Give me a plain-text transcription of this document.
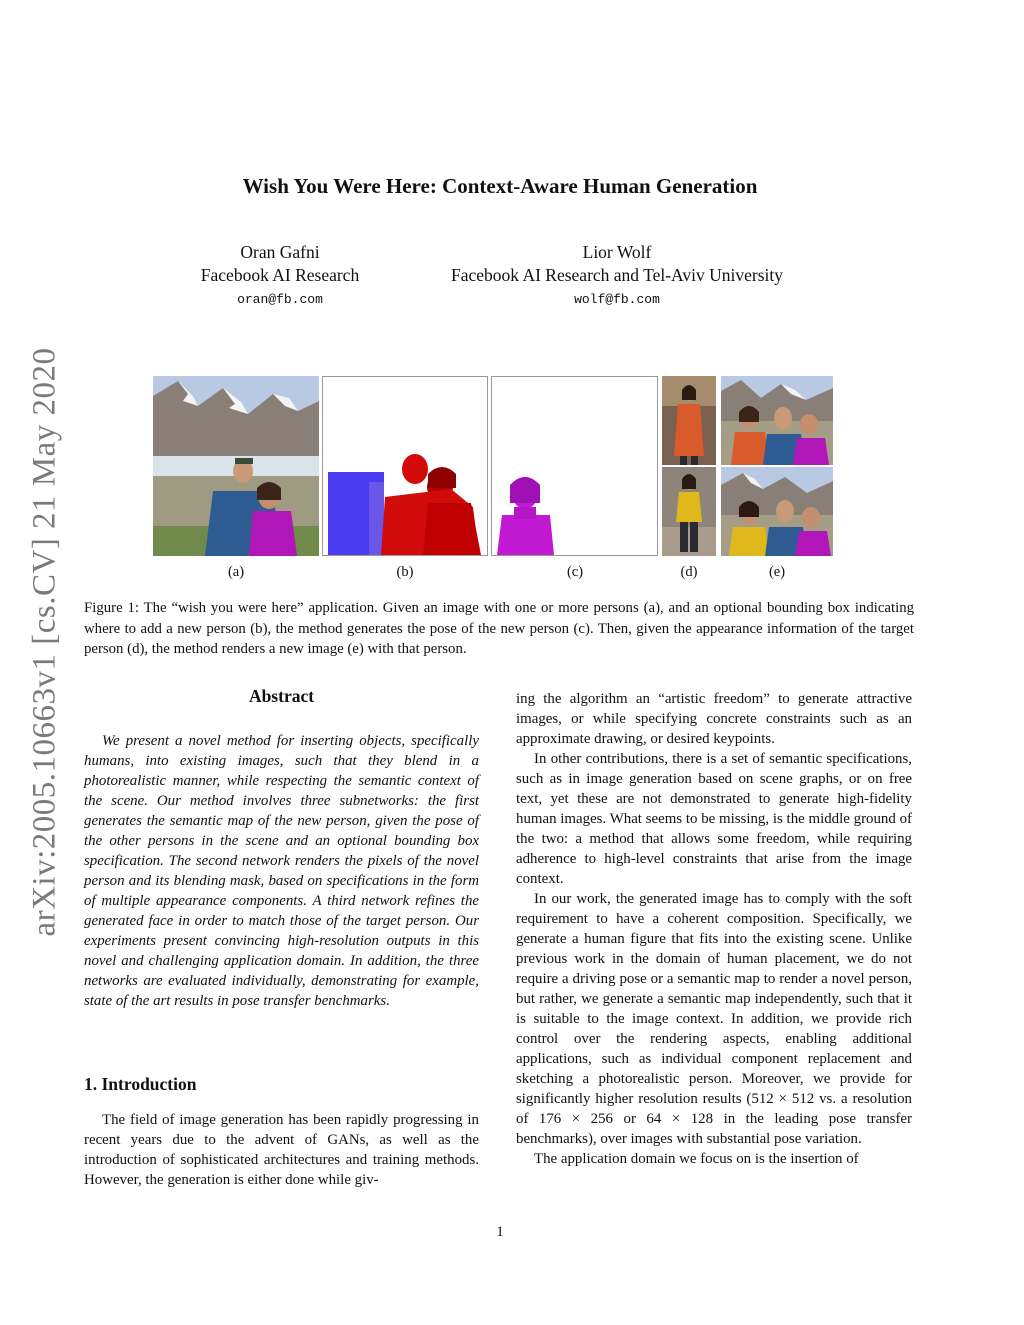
arXiv:2005.10663v1 [cs.CV] 21 May 2020
Wish You Were Here: Context-Aware Human Generation
Oran Gafni
Facebook AI Research
oran@fb.com
Lior Wolf
Facebook AI Research and Tel-Aviv University
wolf@fb.com
(a)	(b)	(c)	(d)	(e)
Figure 1: The “wish you were here” application. Given an image with one or more persons (a), and an optional bounding box indicating where to add a new person (b), the method generates the pose of the new person (c). Then, given the appearance information of the target person (d), the method renders a new image (e) with that person.
Abstract

We present a novel method for inserting objects, specifically humans, into existing images, such that they blend in a photorealistic manner, while respecting the semantic context of the scene. Our method involves three subnetworks: the first generates the semantic map of the new person, given the pose of the other persons in the scene and an optional bounding box specification. The second network renders the pixels of the novel person and its blending mask, based on specifications in the form of multiple appearance components. A third network refines the generated face in order to match those of the target person. Our experiments present convincing high-resolution outputs in this novel and challenging application domain. In addition, the three networks are evaluated individually, demonstrating for example, state of the art results in pose transfer benchmarks.

1. Introduction

The field of image generation has been rapidly progressing in recent years due to the advent of GANs, as well as the introduction of sophisticated architectures and training methods. However, the generation is either done while giv-

ing the algorithm an “artistic freedom” to generate attractive images, or while specifying concrete constraints such as an approximate drawing, or desired keypoints.

In other contributions, there is a set of semantic specifications, such as in image generation based on scene graphs, or on free text, yet these are not demonstrated to generate high-fidelity human images. What seems to be missing, is the middle ground of the two: a method that allows some freedom, while requiring adherence to high-level constraints that arise from the image context.

In our work, the generated image has to comply with the soft requirement to have a coherent composition. Specifically, we generate a human figure that fits into the existing scene. Unlike previous work in the domain of human placement, we do not require a driving pose or a semantic map to render a novel person, but rather, we generate a semantic map independently, such that it is suitable to the image context. In addition, we provide rich control over the rendering aspects, enabling additional applications, such as individual component replacement and sketching a photorealistic person. Moreover, we provide for significantly higher resolution results (512 × 512 vs. a resolution of 176 × 256 or 64 × 128 in the leading pose transfer benchmarks), over images with substantial pose variation.

The application domain we focus on is the insertion of

1
